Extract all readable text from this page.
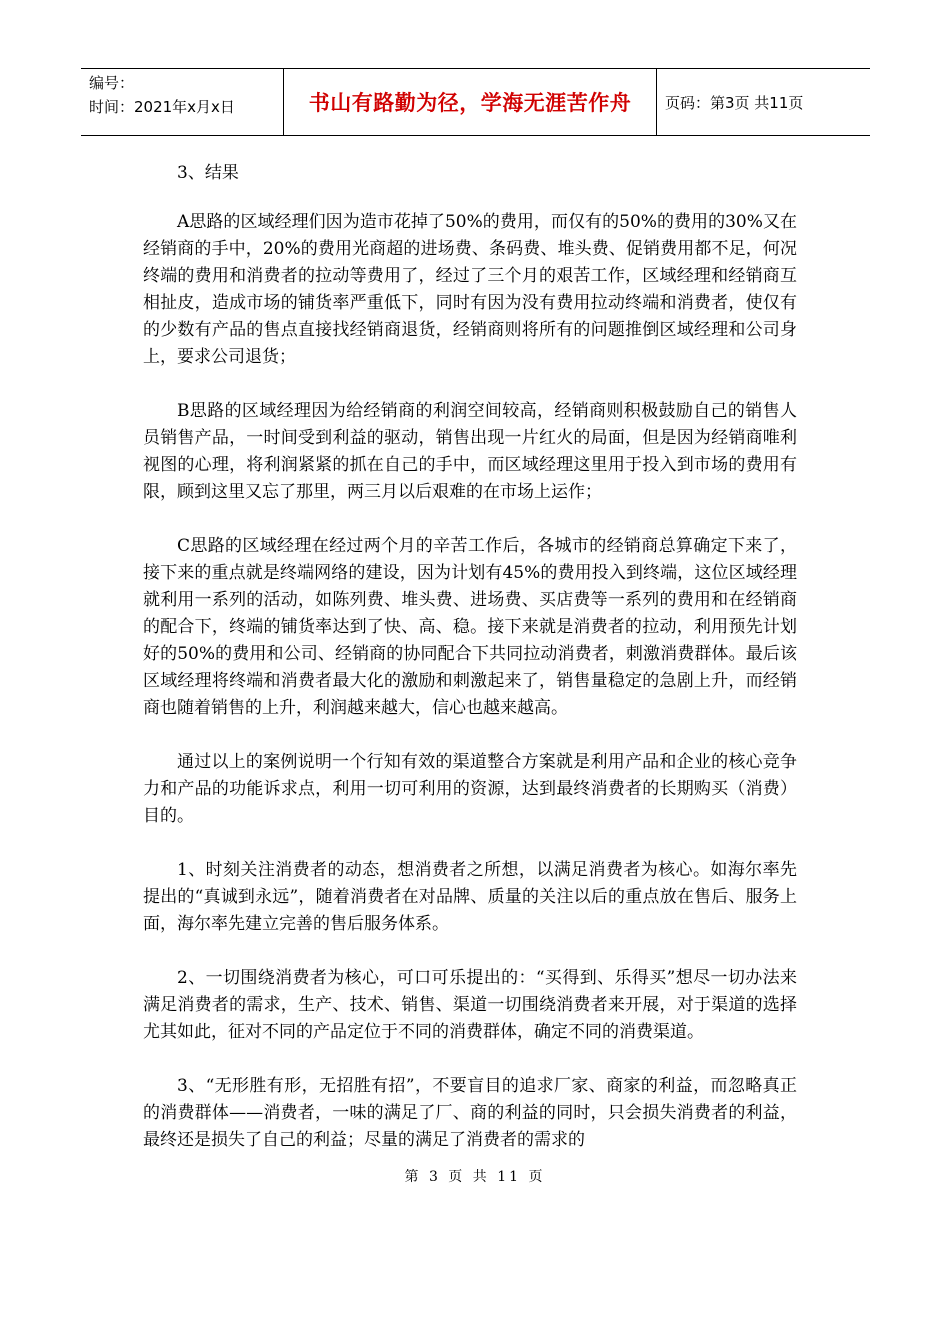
编号：
时间：2021年x月x日	书山有路勤为径，学海无涯苦作舟	页码：第3页 共11页

3、结果

A思路的区域经理们因为造市花掉了50%的费用，而仅有的50%的费用的30%又在经销商的手中，20%的费用光商超的进场费、条码费、堆头费、促销费用都不足，何况终端的费用和消费者的拉动等费用了，经过了三个月的艰苦工作，区域经理和经销商互相扯皮，造成市场的铺货率严重低下，同时有因为没有费用拉动终端和消费者，使仅有的少数有产品的售点直接找经销商退货，经销商则将所有的问题推倒区域经理和公司身上，要求公司退货；

B思路的区域经理因为给经销商的利润空间较高，经销商则积极鼓励自己的销售人员销售产品，一时间受到利益的驱动，销售出现一片红火的局面，但是因为经销商唯利视图的心理，将利润紧紧的抓在自己的手中，而区域经理这里用于投入到市场的费用有限，顾到这里又忘了那里，两三月以后艰难的在市场上运作；

C思路的区域经理在经过两个月的辛苦工作后，各城市的经销商总算确定下来了，接下来的重点就是终端网络的建设，因为计划有45%的费用投入到终端，这位区域经理就利用一系列的活动，如陈列费、堆头费、进场费、买店费等一系列的费用和在经销商的配合下，终端的铺货率达到了快、高、稳。接下来就是消费者的拉动，利用预先计划好的50%的费用和公司、经销商的协同配合下共同拉动消费者，刺激消费群体。最后该区域经理将终端和消费者最大化的激励和刺激起来了，销售量稳定的急剧上升，而经销商也随着销售的上升，利润越来越大，信心也越来越高。

通过以上的案例说明一个行知有效的渠道整合方案就是利用产品和企业的核心竞争力和产品的功能诉求点，利用一切可利用的资源，达到最终消费者的长期购买（消费）目的。

1、时刻关注消费者的动态，想消费者之所想，以满足消费者为核心。如海尔率先提出的“真诚到永远”，随着消费者在对品牌、质量的关注以后的重点放在售后、服务上面，海尔率先建立完善的售后服务体系。

2、一切围绕消费者为核心，可口可乐提出的：“买得到、乐得买”想尽一切办法来满足消费者的需求，生产、技术、销售、渠道一切围绕消费者来开展，对于渠道的选择尤其如此，征对不同的产品定位于不同的消费群体，确定不同的消费渠道。

3、“无形胜有形，无招胜有招”，不要盲目的追求厂家、商家的利益，而忽略真正的消费群体——消费者，一味的满足了厂、商的利益的同时，只会损失消费者的利益，最终还是损失了自己的利益；尽量的满足了消费者的需求的

第 3 页 共 11 页
